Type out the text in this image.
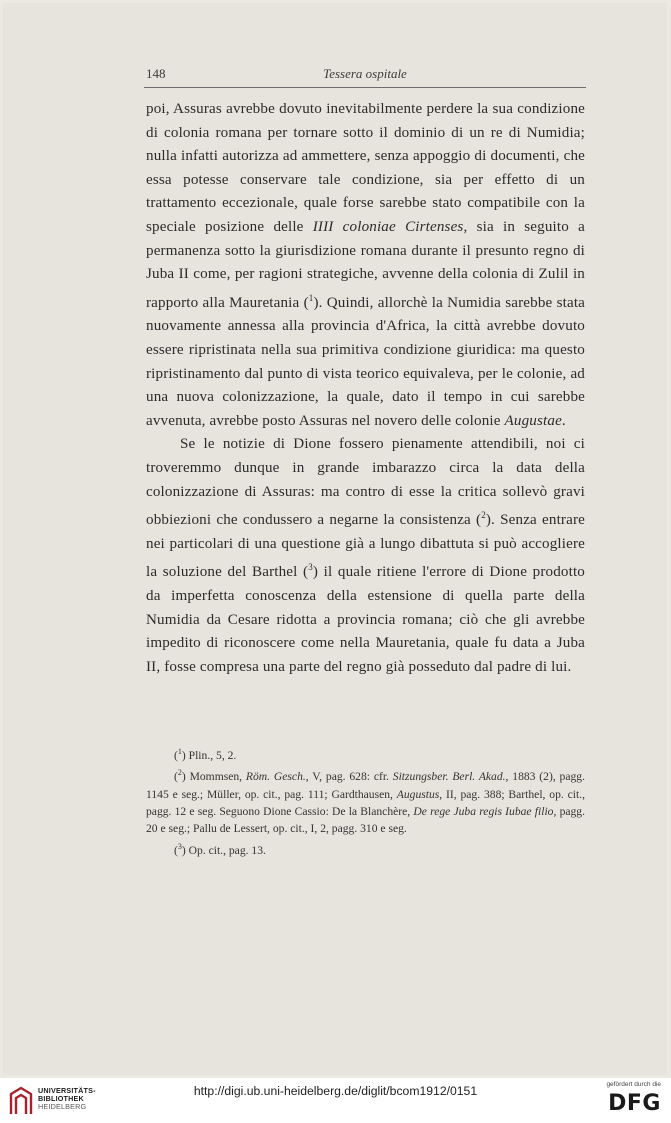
148	Tessera ospitale

poi, Assuras avrebbe dovuto inevitabilmente perdere la sua condizione di colonia romana per tornare sotto il dominio di un re di Numidia; nulla infatti autorizza ad ammettere, senza appoggio di documenti, che essa potesse conservare tale condizione, sia per effetto di un trattamento eccezionale, quale forse sarebbe stato compatibile con la speciale posizione delle IIII coloniae Cirtenses, sia in seguito a permanenza sotto la giurisdizione romana durante il presunto regno di Juba II come, per ragioni strategiche, avvenne della colonia di Zulil in rapporto alla Mauretania ($^1$). Quindi, allorchè la Numidia sarebbe stata nuovamente annessa alla provincia d'Africa, la città avrebbe dovuto essere ripristinata nella sua primitiva condizione giuridica: ma questo ripristinamento dal punto di vista teorico equivaleva, per le colonie, ad una nuova colonizzazione, la quale, dato il tempo in cui sarebbe avvenuta, avrebbe posto Assuras nel novero delle colonie Augustae.

Se le notizie di Dione fossero pienamente attendibili, noi ci troveremmo dunque in grande imbarazzo circa la data della colonizzazione di Assuras: ma contro di esse la critica sollevò gravi obbiezioni che condussero a negarne la consistenza ($^2$). Senza entrare nei particolari di una questione già a lungo dibattuta si può accogliere la soluzione del Barthel ($^3$) il quale ritiene l'errore di Dione prodotto da imperfetta conoscenza della estensione di quella parte della Numidia da Cesare ridotta a provincia romana; ciò che gli avrebbe impedito di riconoscere come nella Mauretania, quale fu data a Juba II, fosse compresa una parte del regno già posseduto dal padre di lui.

($^1$) Plin., 5, 2.

($^2$) Mommsen, Röm. Gesch., V, pag. 628: cfr. Sitzungsber. Berl. Akad., 1883 (2), pagg. 1145 e seg.; Müller, op. cit., pag. 111; Gardthausen, Augustus, II, pag. 388; Barthel, op. cit., pagg. 12 e seg. Seguono Dione Cassio: De la Blanchère, De rege Juba regis Iubae filio, pagg. 20 e seg.; Pallu de Lessert, op. cit., I, 2, pagg. 310 e seg.

($^3$) Op. cit., pag. 13.

UNIVERSITÄTS-
BIBLIOTHEK
HEIDELBERG
http://digi.ub.uni-heidelberg.de/diglit/bcom1912/0151	gefördert durch die
DFG
